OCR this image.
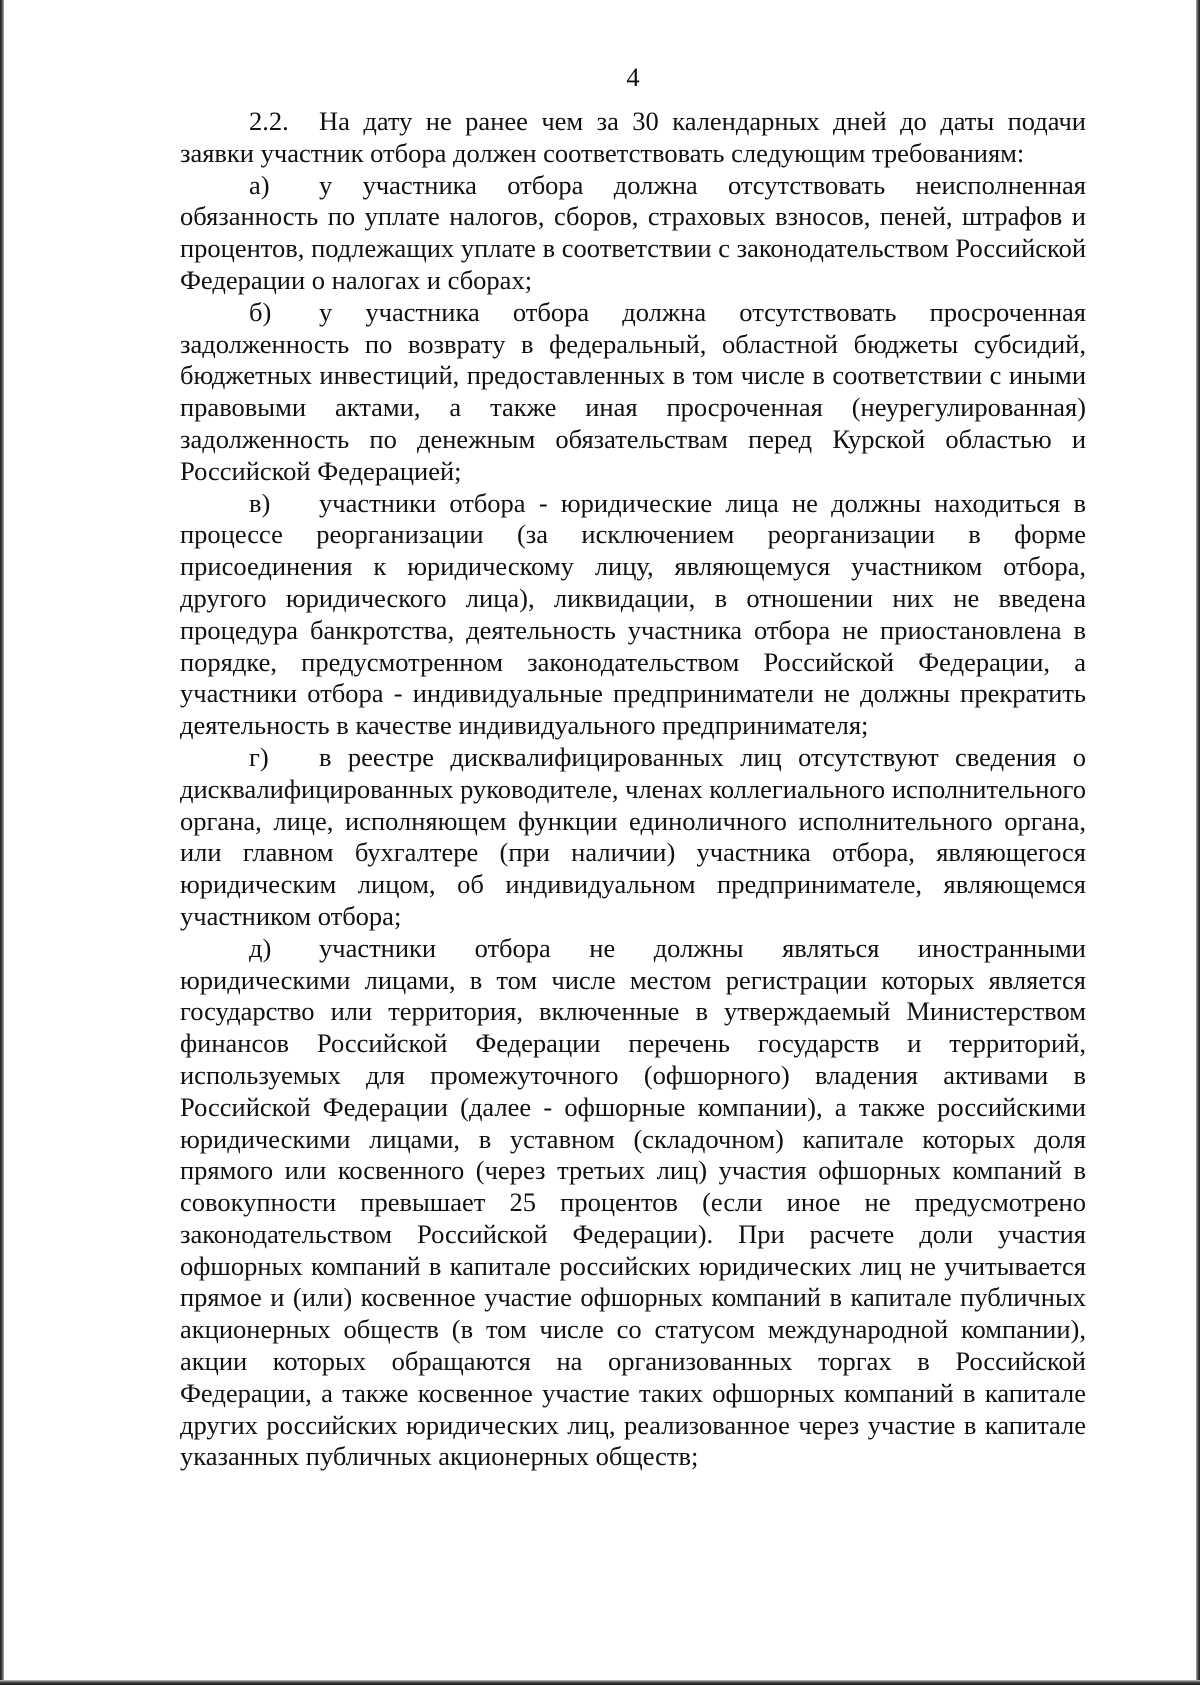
4

2.2. На дату не ранее чем за 30 календарных дней до даты подачи заявки участник отбора должен соответствовать следующим требованиям:

а) у участника отбора должна отсутствовать неисполненная обязанность по уплате налогов, сборов, страховых взносов, пеней, штрафов и процентов, подлежащих уплате в соответствии с законодательством Российской Федерации о налогах и сборах;

б) у участника отбора должна отсутствовать просроченная задолженность по возврату в федеральный, областной бюджеты субсидий, бюджетных инвестиций, предоставленных в том числе в соответствии с иными правовыми актами, а также иная просроченная (неурегулированная) задолженность по денежным обязательствам перед Курской областью и Российской Федерацией;

в) участники отбора - юридические лица не должны находиться в процессе реорганизации (за исключением реорганизации в форме присоединения к юридическому лицу, являющемуся участником отбора, другого юридического лица), ликвидации, в отношении них не введена процедура банкротства, деятельность участника отбора не приостановлена в порядке, предусмотренном законодательством Российской Федерации, а участники отбора - индивидуальные предприниматели не должны прекратить деятельность в качестве индивидуального предпринимателя;

г) в реестре дисквалифицированных лиц отсутствуют сведения о дисквалифицированных руководителе, членах коллегиального исполнительного органа, лице, исполняющем функции единоличного исполнительного органа, или главном бухгалтере (при наличии) участника отбора, являющегося юридическим лицом, об индивидуальном предпринимателе, являющемся участником отбора;

д) участники отбора не должны являться иностранными юридическими лицами, в том числе местом регистрации которых является государство или территория, включенные в утверждаемый Министерством финансов Российской Федерации перечень государств и территорий, используемых для промежуточного (офшорного) владения активами в Российской Федерации (далее - офшорные компании), а также российскими юридическими лицами, в уставном (складочном) капитале которых доля прямого или косвенного (через третьих лиц) участия офшорных компаний в совокупности превышает 25 процентов (если иное не предусмотрено законодательством Российской Федерации). При расчете доли участия офшорных компаний в капитале российских юридических лиц не учитывается прямое и (или) косвенное участие офшорных компаний в капитале публичных акционерных обществ (в том числе со статусом международной компании), акции которых обращаются на организованных торгах в Российской Федерации, а также косвенное участие таких офшорных компаний в капитале других российских юридических лиц, реализованное через участие в капитале указанных публичных акционерных обществ;
